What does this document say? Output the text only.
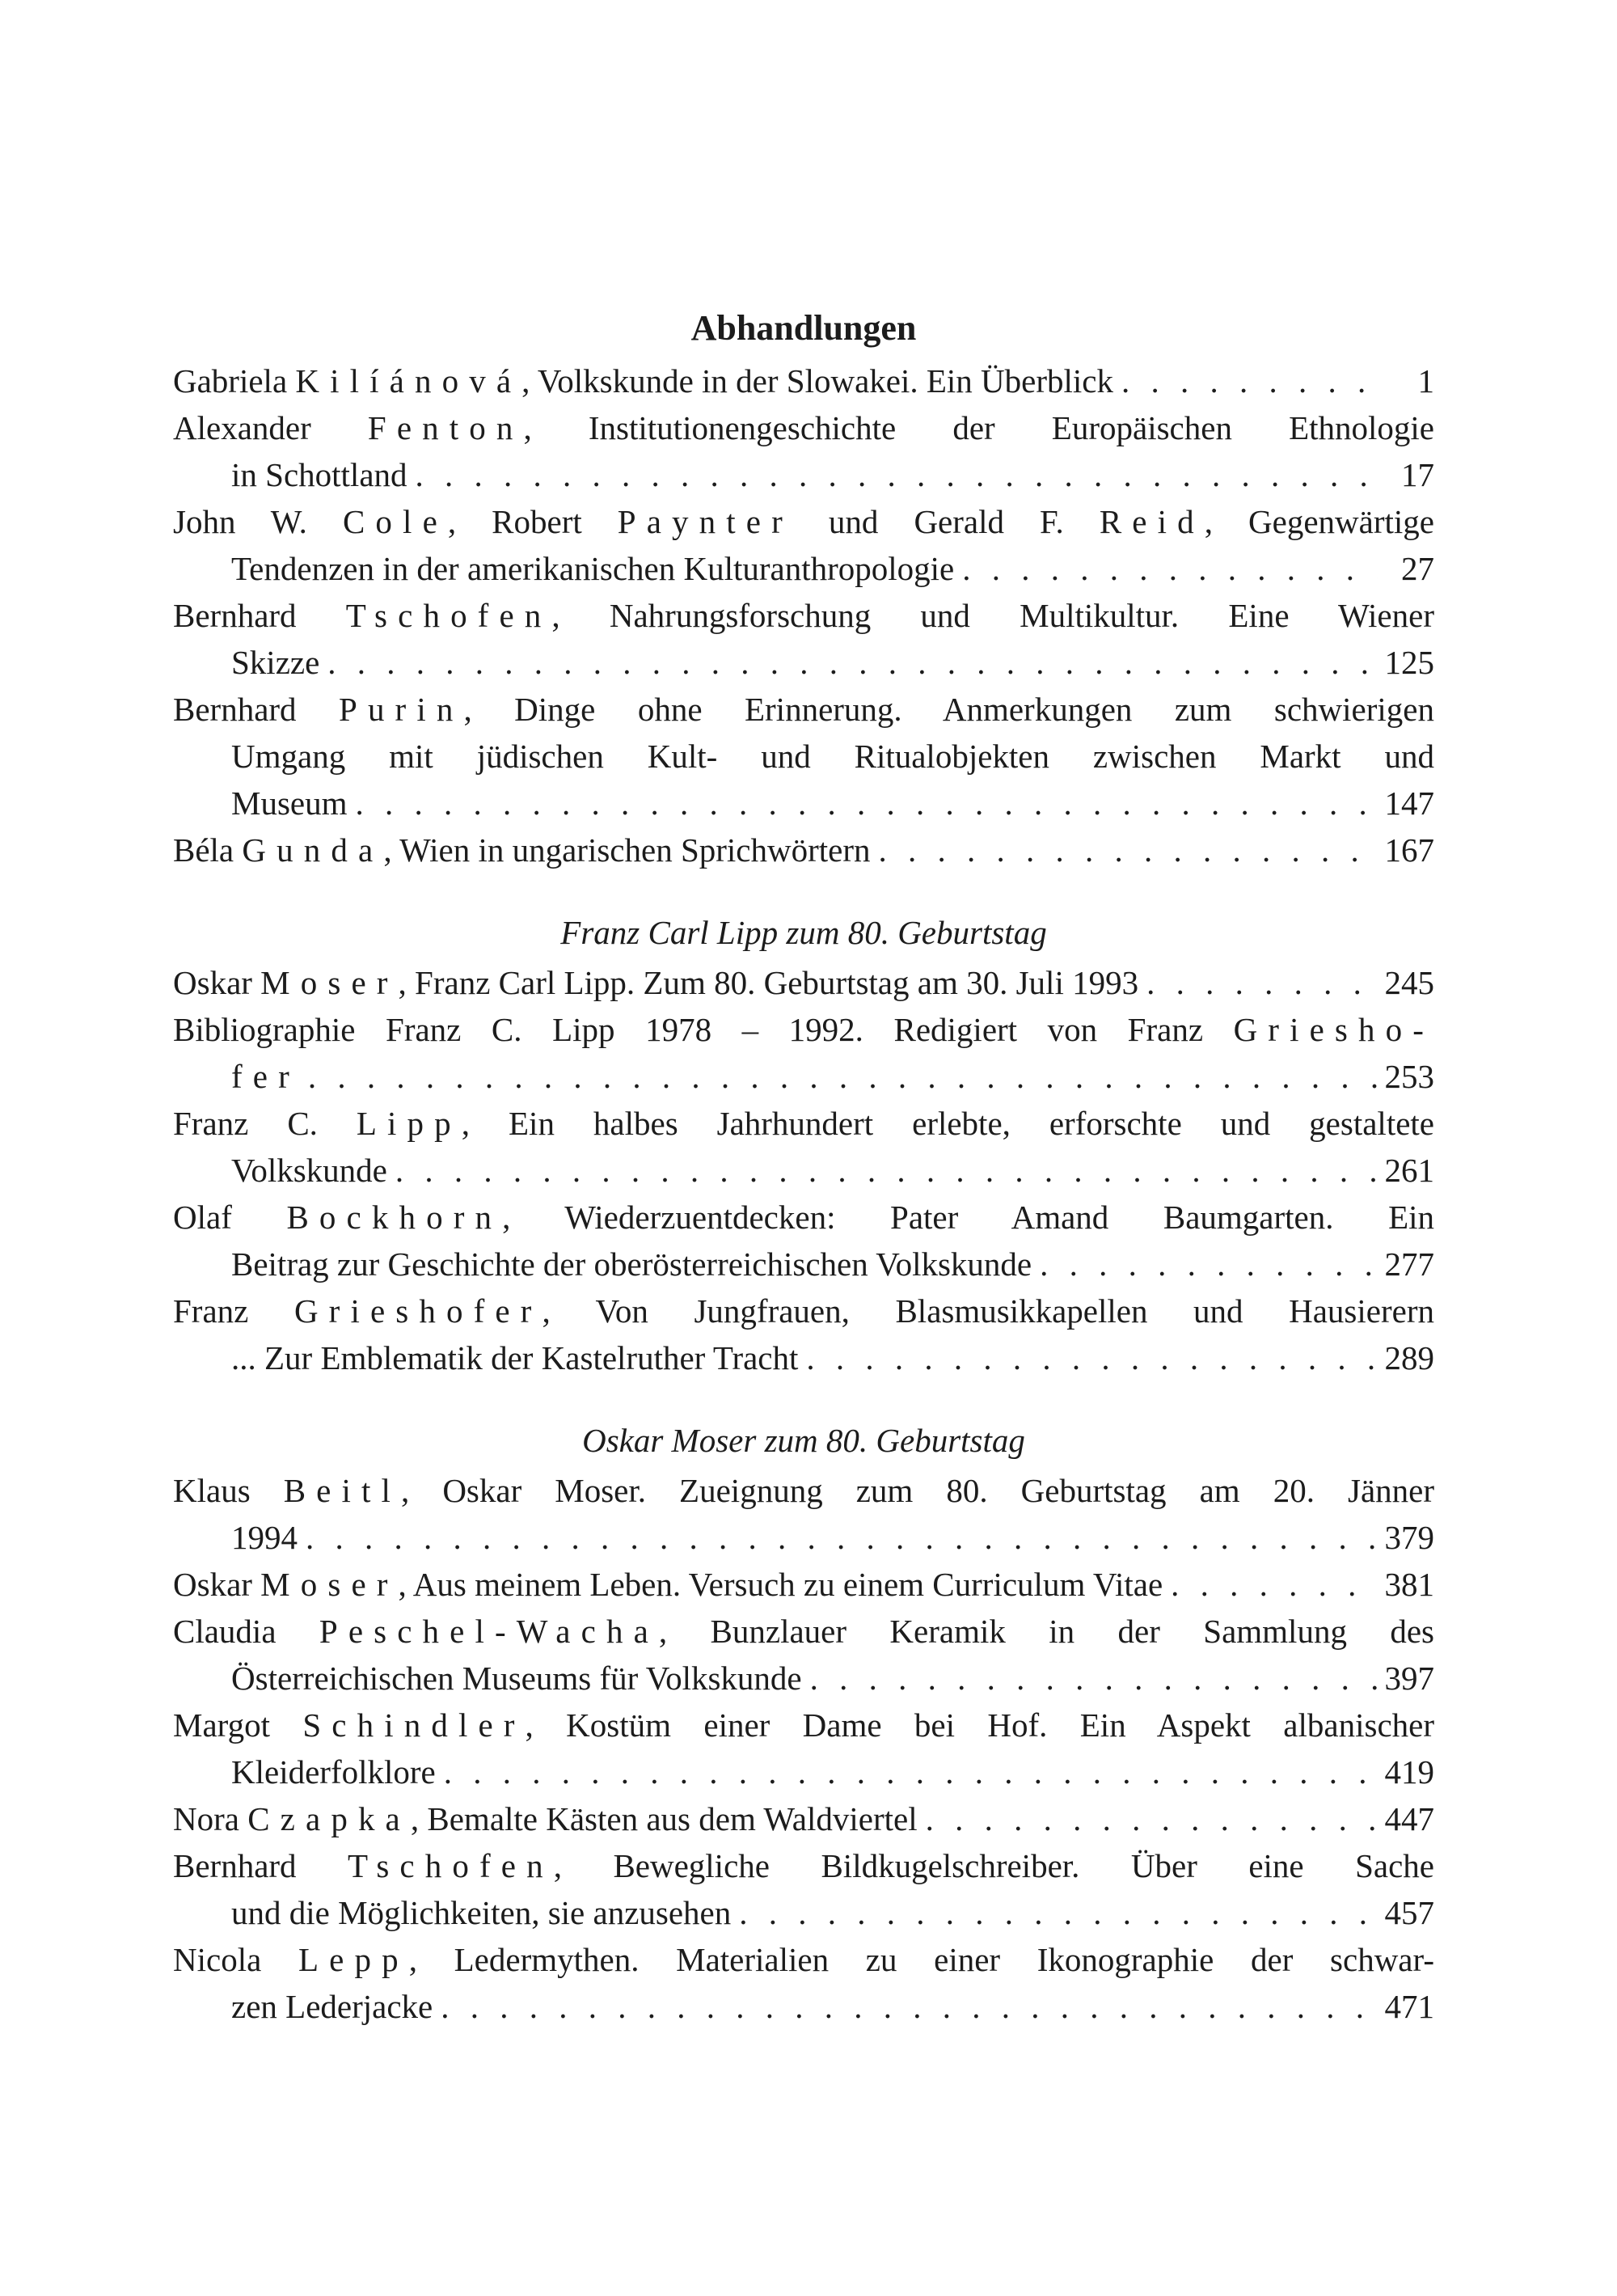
Abhandlungen
Gabriela Kilíánová, Volkskunde in der Slowakei. Ein Überblick . . .	1
Alexander Fenton, Institutionengeschichte der Europäischen Ethnologie
in Schottland . . .	17
John W. Cole, Robert Paynter und Gerald F. Reid, Gegenwärtige
Tendenzen in der amerikanischen Kulturanthropologie . . .	27
Bernhard Tschofen, Nahrungsforschung und Multikultur. Eine Wiener
Skizze . . .	125
Bernhard Purin, Dinge ohne Erinnerung. Anmerkungen zum schwierigen
Umgang mit jüdischen Kult- und Ritualobjekten zwischen Markt und
Museum . . .	147
Béla Gunda, Wien in ungarischen Sprichwörtern . . .	167
Franz Carl Lipp zum 80. Geburtstag
Oskar Moser, Franz Carl Lipp. Zum 80. Geburtstag am 30. Juli 1993 . . .	245
Bibliographie Franz C. Lipp 1978 – 1992. Redigiert von Franz Griesho-
fer . . .	253
Franz C. Lipp, Ein halbes Jahrhundert erlebte, erforschte und gestaltete
Volkskunde . . .	261
Olaf Bockhorn, Wiederzuentdecken: Pater Amand Baumgarten. Ein
Beitrag zur Geschichte der oberösterreichischen Volkskunde . . .	277
Franz Grieshofer, Von Jungfrauen, Blasmusikkapellen und Hausierern
... Zur Emblematik der Kastelruther Tracht . . .	289
Oskar Moser zum 80. Geburtstag
Klaus Beitl, Oskar Moser. Zueignung zum 80. Geburtstag am 20. Jänner
1994 . . .	379
Oskar Moser, Aus meinem Leben. Versuch zu einem Curriculum Vitae . . .	381
Claudia Peschel-Wacha, Bunzlauer Keramik in der Sammlung des
Österreichischen Museums für Volkskunde . . .	397
Margot Schindler, Kostüm einer Dame bei Hof. Ein Aspekt albanischer
Kleiderfolklore . . .	419
Nora Czapka, Bemalte Kästen aus dem Waldviertel . . .	447
Bernhard Tschofen, Bewegliche Bildkugelschreiber. Über eine Sache
und die Möglichkeiten, sie anzusehen . . .	457
Nicola Lepp, Ledermythen. Materialien zu einer Ikonographie der schwar-
zen Lederjacke . . .	471
